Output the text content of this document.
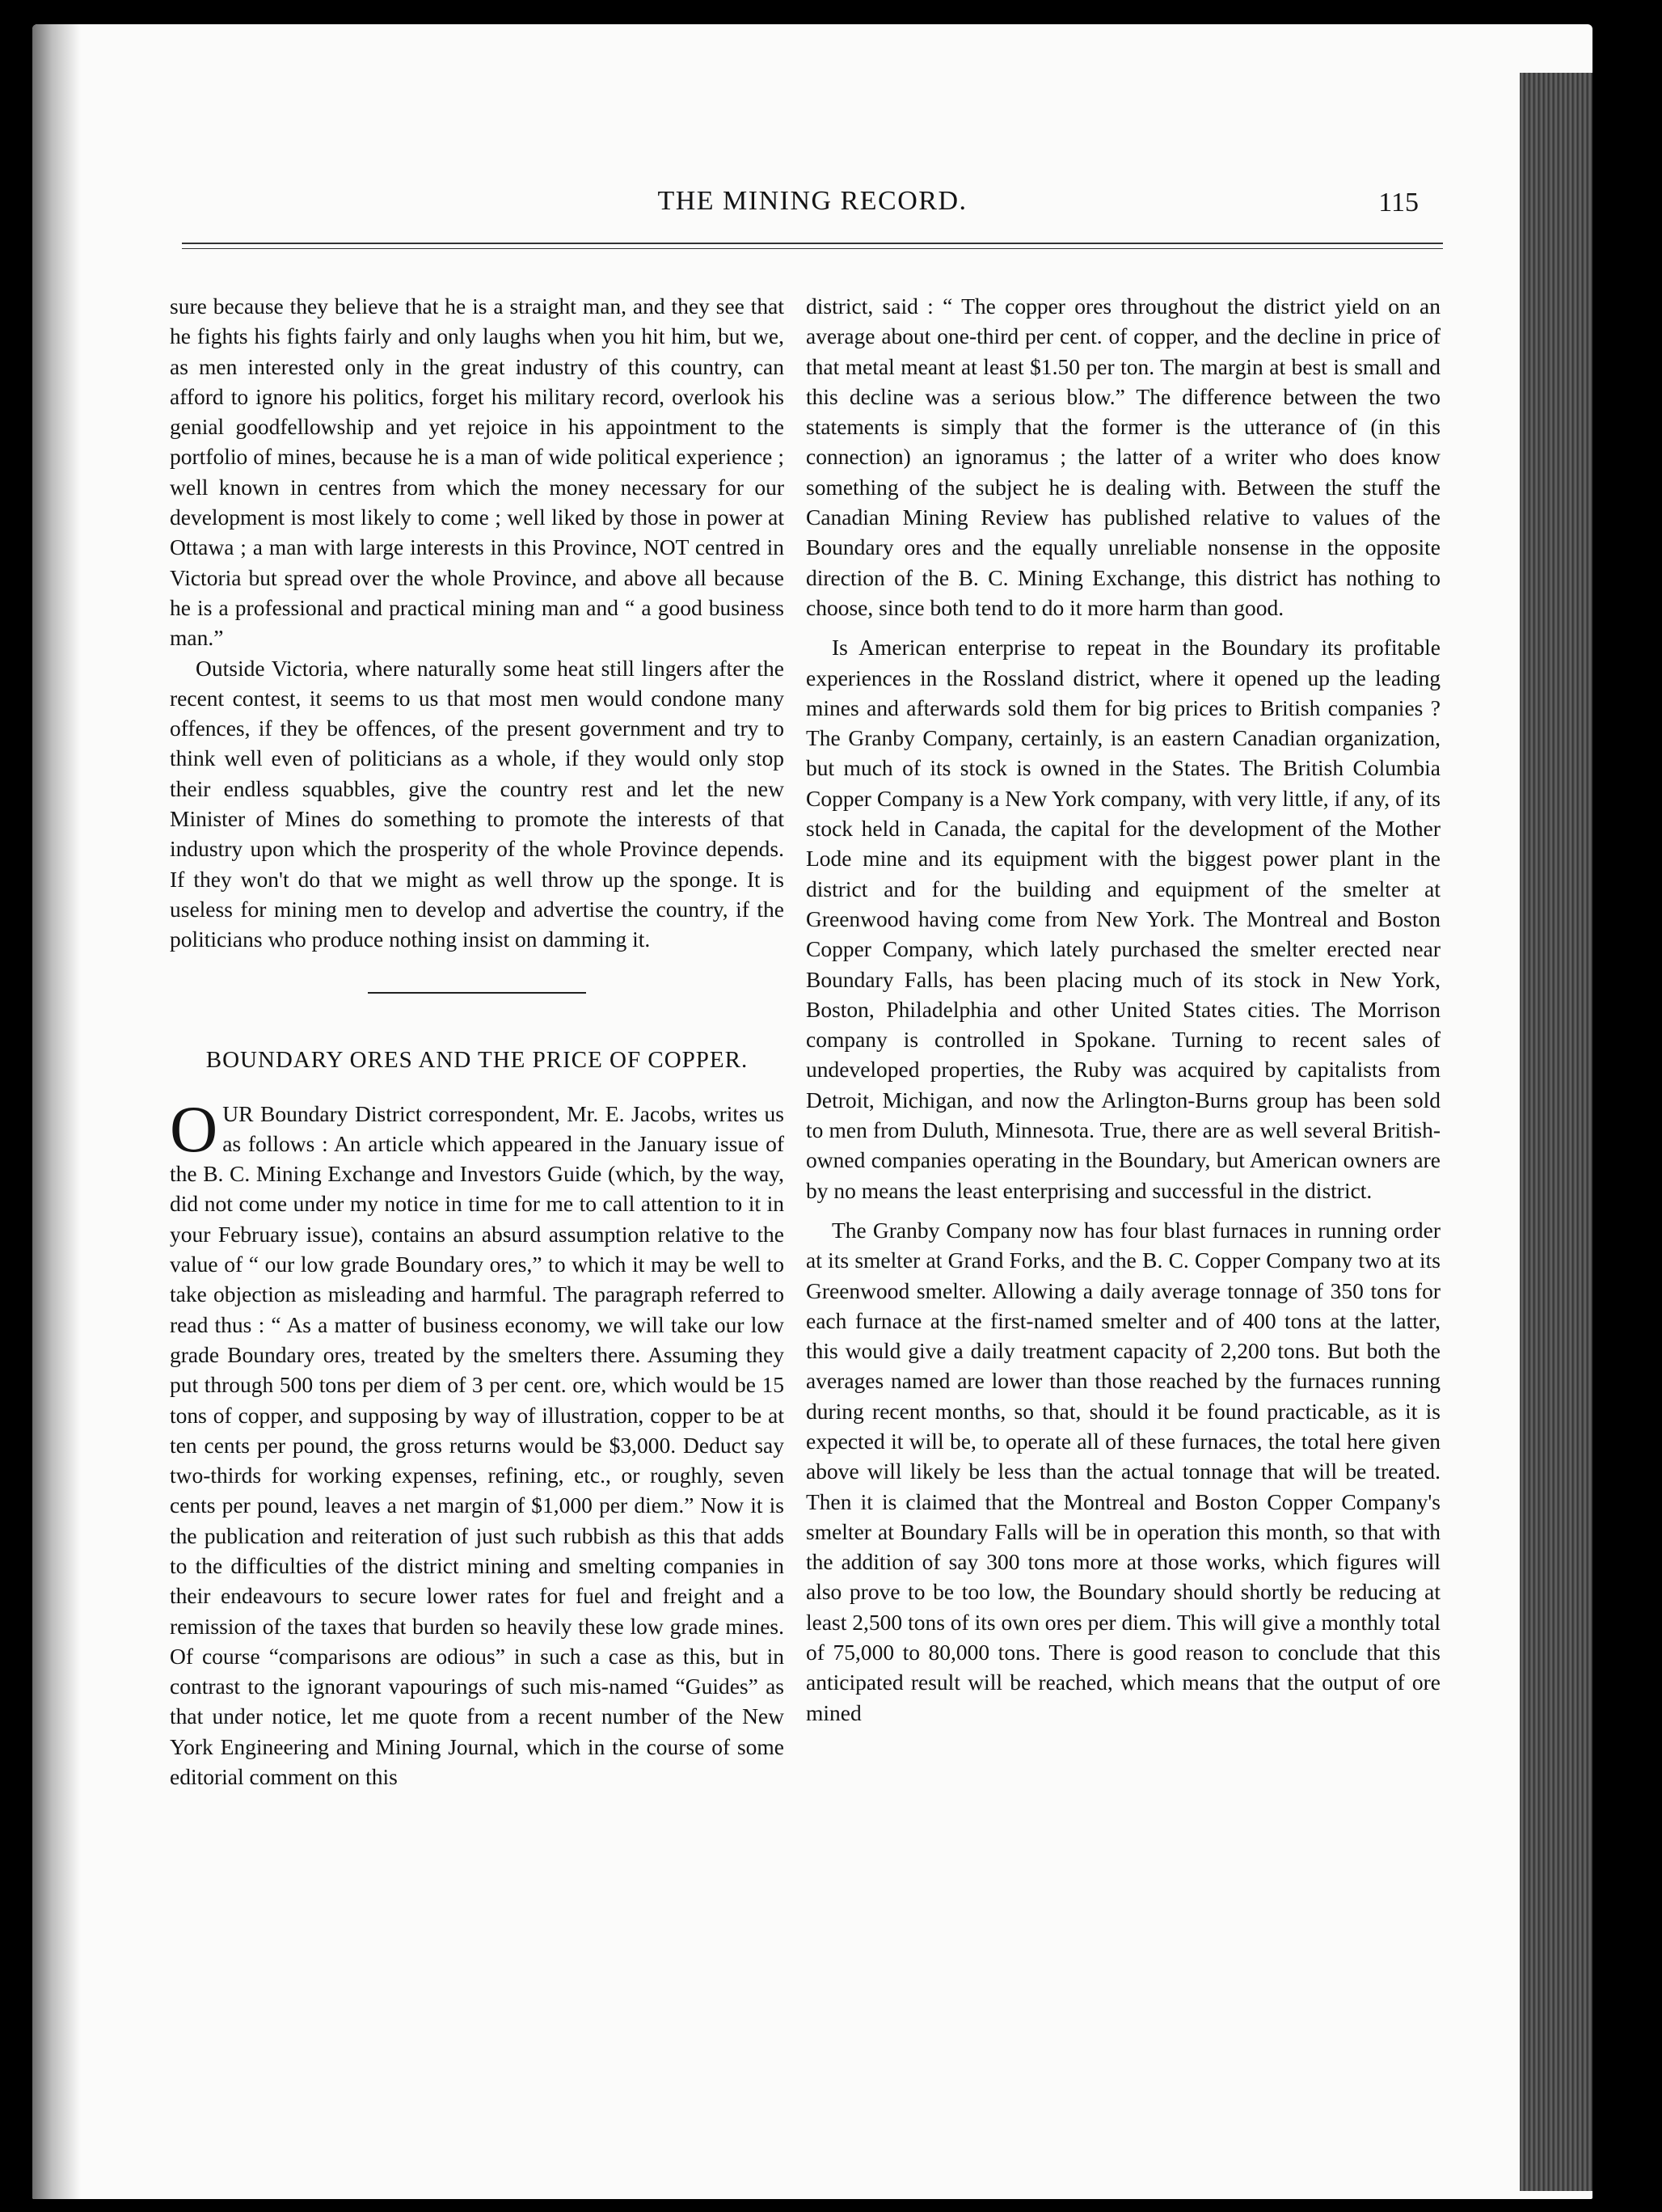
THE MINING RECORD.	115

sure because they believe that he is a straight man, and they see that he fights his fights fairly and only laughs when you hit him, but we, as men interested only in the great industry of this country, can afford to ignore his politics, forget his military record, overlook his genial goodfellowship and yet rejoice in his appointment to the portfolio of mines, because he is a man of wide political experience ; well known in centres from which the money necessary for our development is most likely to come ; well liked by those in power at Ottawa ; a man with large interests in this Province, NOT centred in Victoria but spread over the whole Province, and above all because he is a professional and practical mining man and “ a good business man.”

Outside Victoria, where naturally some heat still lingers after the recent contest, it seems to us that most men would condone many offences, if they be offences, of the present government and try to think well even of politicians as a whole, if they would only stop their endless squabbles, give the country rest and let the new Minister of Mines do something to promote the interests of that industry upon which the prosperity of the whole Province depends. If they won't do that we might as well throw up the sponge. It is useless for mining men to develop and advertise the country, if the politicians who produce nothing insist on damming it.

BOUNDARY ORES AND THE PRICE OF COPPER.

OUR Boundary District correspondent, Mr. E. Jacobs, writes us as follows : An article which appeared in the January issue of the B. C. Mining Exchange and Investors Guide (which, by the way, did not come under my notice in time for me to call attention to it in your February issue), contains an absurd assumption relative to the value of “ our low grade Boundary ores,” to which it may be well to take objection as misleading and harmful. The paragraph referred to read thus : “ As a matter of business economy, we will take our low grade Boundary ores, treated by the smelters there. Assuming they put through 500 tons per diem of 3 per cent. ore, which would be 15 tons of copper, and supposing by way of illustration, copper to be at ten cents per pound, the gross returns would be $3,000. Deduct say two-thirds for working expenses, refining, etc., or roughly, seven cents per pound, leaves a net margin of $1,000 per diem.” Now it is the publication and reiteration of just such rubbish as this that adds to the difficulties of the district mining and smelting companies in their endeavours to secure lower rates for fuel and freight and a remission of the taxes that burden so heavily these low grade mines. Of course “comparisons are odious” in such a case as this, but in contrast to the ignorant vapourings of such mis-named “Guides” as that under notice, let me quote from a recent number of the New York Engineering and Mining Journal, which in the course of some editorial comment on this

district, said : “ The copper ores throughout the district yield on an average about one-third per cent. of copper, and the decline in price of that metal meant at least $1.50 per ton. The margin at best is small and this decline was a serious blow.” The difference between the two statements is simply that the former is the utterance of (in this connection) an ignoramus ; the latter of a writer who does know something of the subject he is dealing with. Between the stuff the Canadian Mining Review has published relative to values of the Boundary ores and the equally unreliable nonsense in the opposite direction of the B. C. Mining Exchange, this district has nothing to choose, since both tend to do it more harm than good.

Is American enterprise to repeat in the Boundary its profitable experiences in the Rossland district, where it opened up the leading mines and afterwards sold them for big prices to British companies ? The Granby Company, certainly, is an eastern Canadian organization, but much of its stock is owned in the States. The British Columbia Copper Company is a New York company, with very little, if any, of its stock held in Canada, the capital for the development of the Mother Lode mine and its equipment with the biggest power plant in the district and for the building and equipment of the smelter at Greenwood having come from New York. The Montreal and Boston Copper Company, which lately purchased the smelter erected near Boundary Falls, has been placing much of its stock in New York, Boston, Philadelphia and other United States cities. The Morrison company is controlled in Spokane. Turning to recent sales of undeveloped properties, the Ruby was acquired by capitalists from Detroit, Michigan, and now the Arlington-Burns group has been sold to men from Duluth, Minnesota. True, there are as well several British-owned companies operating in the Boundary, but American owners are by no means the least enterprising and successful in the district.

The Granby Company now has four blast furnaces in running order at its smelter at Grand Forks, and the B. C. Copper Company two at its Greenwood smelter. Allowing a daily average tonnage of 350 tons for each furnace at the first-named smelter and of 400 tons at the latter, this would give a daily treatment capacity of 2,200 tons. But both the averages named are lower than those reached by the furnaces running during recent months, so that, should it be found practicable, as it is expected it will be, to operate all of these furnaces, the total here given above will likely be less than the actual tonnage that will be treated. Then it is claimed that the Montreal and Boston Copper Company's smelter at Boundary Falls will be in operation this month, so that with the addition of say 300 tons more at those works, which figures will also prove to be too low, the Boundary should shortly be reducing at least 2,500 tons of its own ores per diem. This will give a monthly total of 75,000 to 80,000 tons. There is good reason to conclude that this anticipated result will be reached, which means that the output of ore mined
